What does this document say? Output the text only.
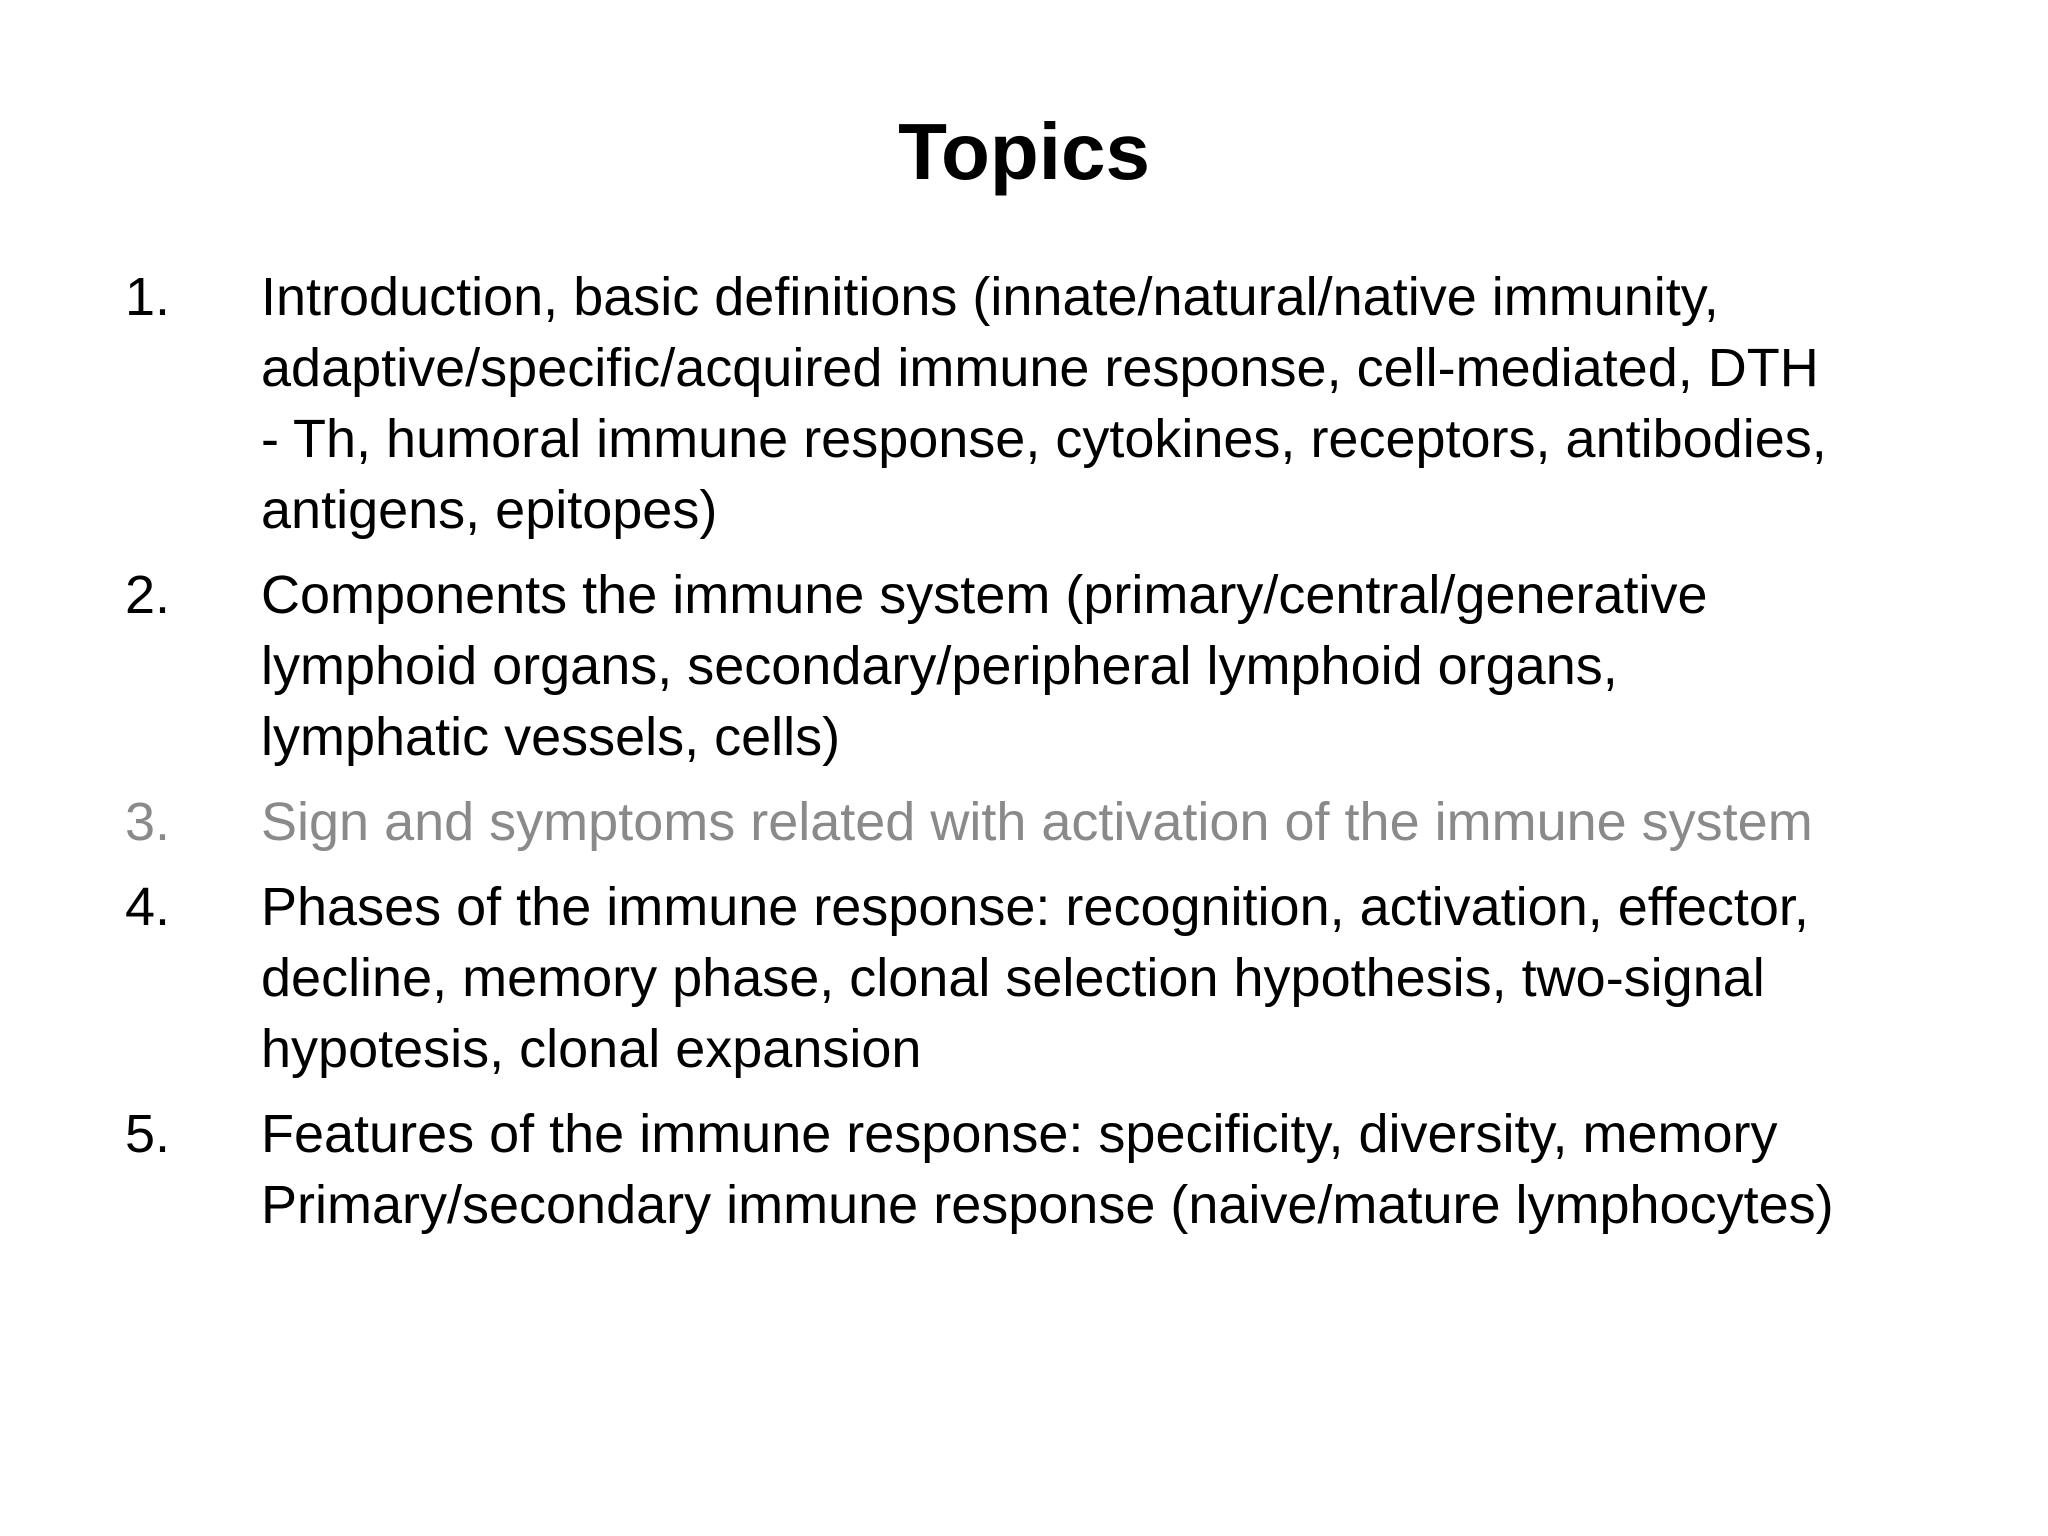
Topics
1.	Introduction, basic definitions (innate/natural/native immunity,
adaptive/specific/acquired immune response, cell-mediated, DTH
- Th, humoral immune response, cytokines, receptors, antibodies,
antigens, epitopes)
2.	Components the immune system (primary/central/generative
lymphoid organs, secondary/peripheral lymphoid organs,
lymphatic vessels, cells)
3.	Sign and symptoms related with activation of the immune system
4.	Phases of the immune response: recognition, activation, effector,
decline, memory phase, clonal selection hypothesis, two-signal
hypotesis, clonal expansion
5.	Features of the immune response: specificity, diversity, memory
Primary/secondary immune response (naive/mature lymphocytes)
